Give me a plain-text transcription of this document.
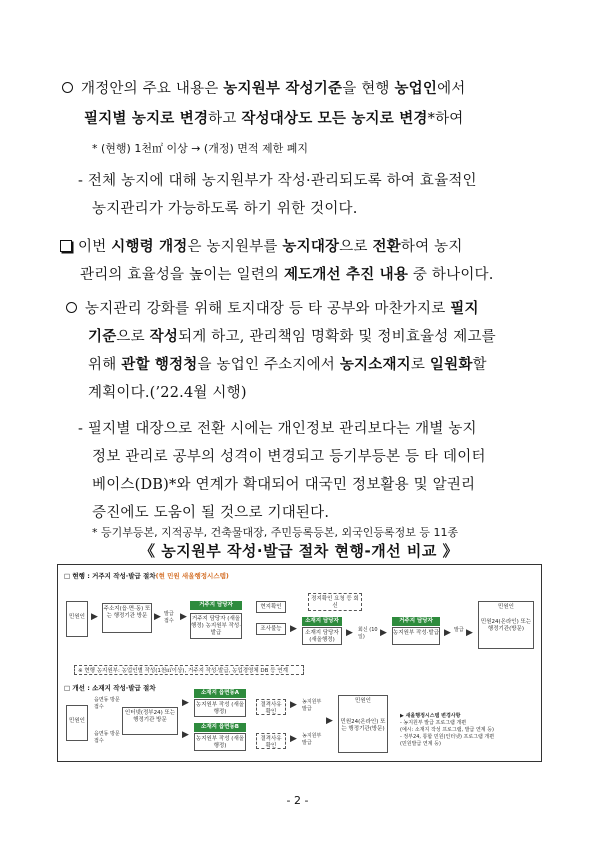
개정안의 주요 내용은 농지원부 작성기준을 현행 농업인에서
필지별 농지로 변경하고 작성대상도 모든 농지로 변경*하여
* (현행) 1천㎡ 이상 → (개정) 면적 제한 폐지
- 전체 농지에 대해 농지원부가 작성·관리되도록 하여 효율적인
농지관리가 가능하도록 하기 위한 것이다.
이번 시행령 개정은 농지원부를 농지대장으로 전환하여 농지
관리의 효율성을 높이는 일련의 제도개선 추진 내용 중 하나이다.
농지관리 강화를 위해 토지대장 등 타 공부와 마찬가지로 필지
기준으로 작성되게 하고, 관리책임 명확화 및 정비효율성 제고를
위해 관할 행정청을 농업인 주소지에서 농지소재지로 일원화할
계획이다.(’22.4월 시행)
- 필지별 대장으로 전환 시에는 개인정보 관리보다는 개별 농지
정보 관리로 공부의 성격이 변경되고 등기부등본 등 타 데이터
베이스(DB)*와 연계가 확대되어 대국민 정보활용 및 알권리
증진에도 도움이 될 것으로 기대된다.
* 등기부등본, 지적공부, 건축물대장, 주민등록등본, 외국인등록정보 등 11종
《 농지원부 작성·발급 절차 현행-개선 비교 》
□ 현행 : 거주지 작성·발급 절차(현 민원 새올행정시스템)
민원인 ▶
주소지(읍·면·동) 또는 행정기관 방문 ▶ 발급 접수 ▶
거주지 담당자
거주지 담당자 (새올행정) 농지원부 작성·발급
현지확인
조사불능 ▶
정지확인 요청 등 회신
소재지 담당자
소재지 담당자 (새올행정)
▶ 회신 (10일)	▶
거주지 담당자
농지원부 작성·발급 ▶ 발급 ▶
민원인
민원24(온라인) 또는 행정기관(방문)
※ 현행 농지원부: 농업인별 작성(1천㎡이상), 거주지 작성·발급, 농업경영체 DB 등 연계
□ 개선 : 소재지 작성·발급 절차
민원인
읍면동 방문 접수
읍면동 방문 접수
인터넷(정부24) 또는 행정기관 방문
▶
▶
소재지 읍면동A
농지원부 작성 (새올행정)
소재지 읍면동B
농지원부 작성 (새올행정)
결격사유 확인
결격사유 확인
▶
▶
농지원부 발급
농지원부 발급
▶
민원인
민원24(온라인) 또는 행정기관(방문)
▶ 새올행정시스템 변경사항
- 농지원부 발급 프로그램 개편
(예시: 소재지 작성 프로그램, 발급 연계 등)
- 정부24, 통합 민원(인터넷) 프로그램 개편
(민원발급 연계 등)
- 2 -
